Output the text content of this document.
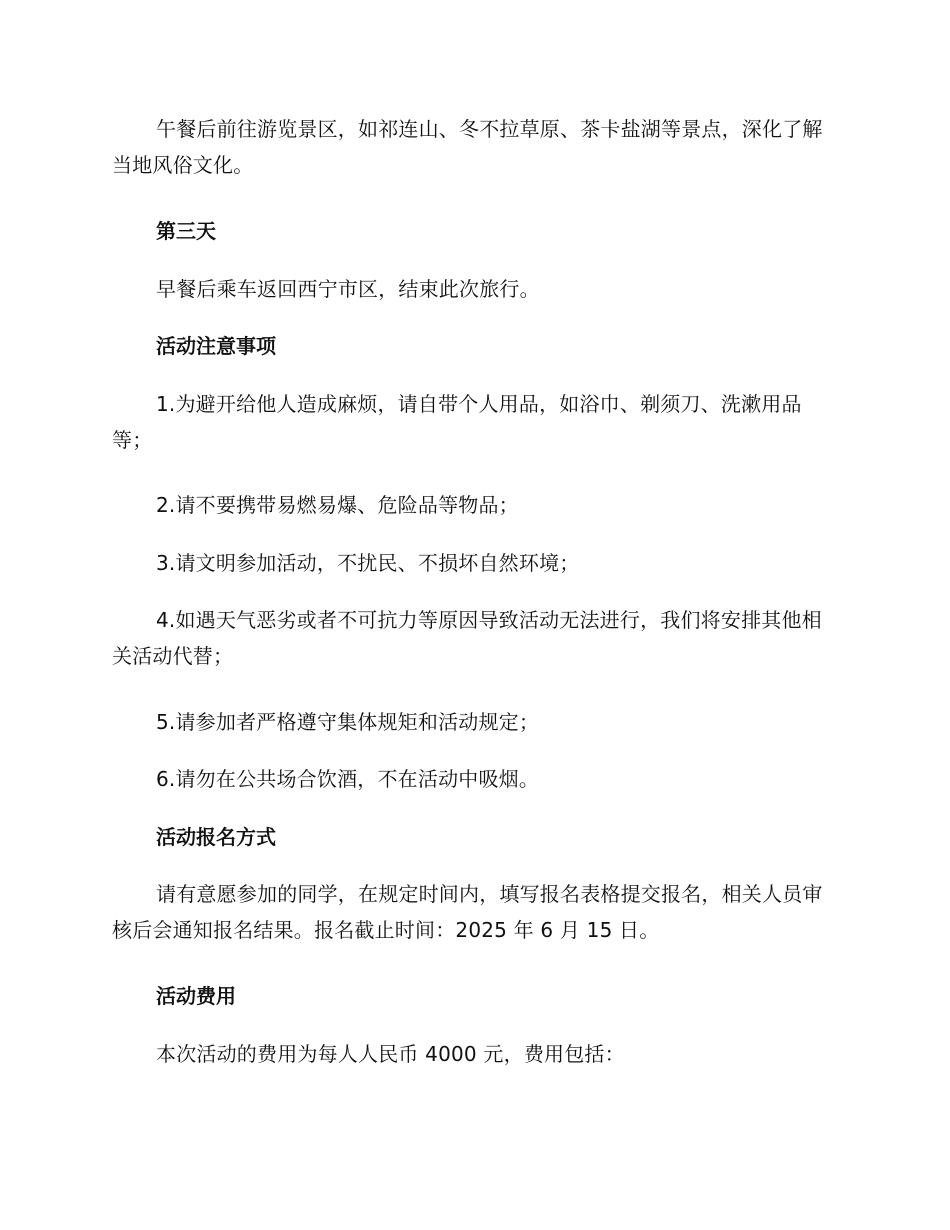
午餐后前往游览景区，如祁连山、冬不拉草原、茶卡盐湖等景点，深化了解当地风俗文化。

第三天

早餐后乘车返回西宁市区，结束此次旅行。

活动注意事项

1.为避开给他人造成麻烦，请自带个人用品，如浴巾、剃须刀、洗漱用品等；

2.请不要携带易燃易爆、危险品等物品；

3.请文明参加活动，不扰民、不损坏自然环境；

4.如遇天气恶劣或者不可抗力等原因导致活动无法进行，我们将安排其他相关活动代替；

5.请参加者严格遵守集体规矩和活动规定；

6.请勿在公共场合饮酒，不在活动中吸烟。

活动报名方式

请有意愿参加的同学，在规定时间内，填写报名表格提交报名，相关人员审核后会通知报名结果。报名截止时间：2025 年 6 月 15 日。

活动费用

本次活动的费用为每人人民币 4000 元，费用包括：
